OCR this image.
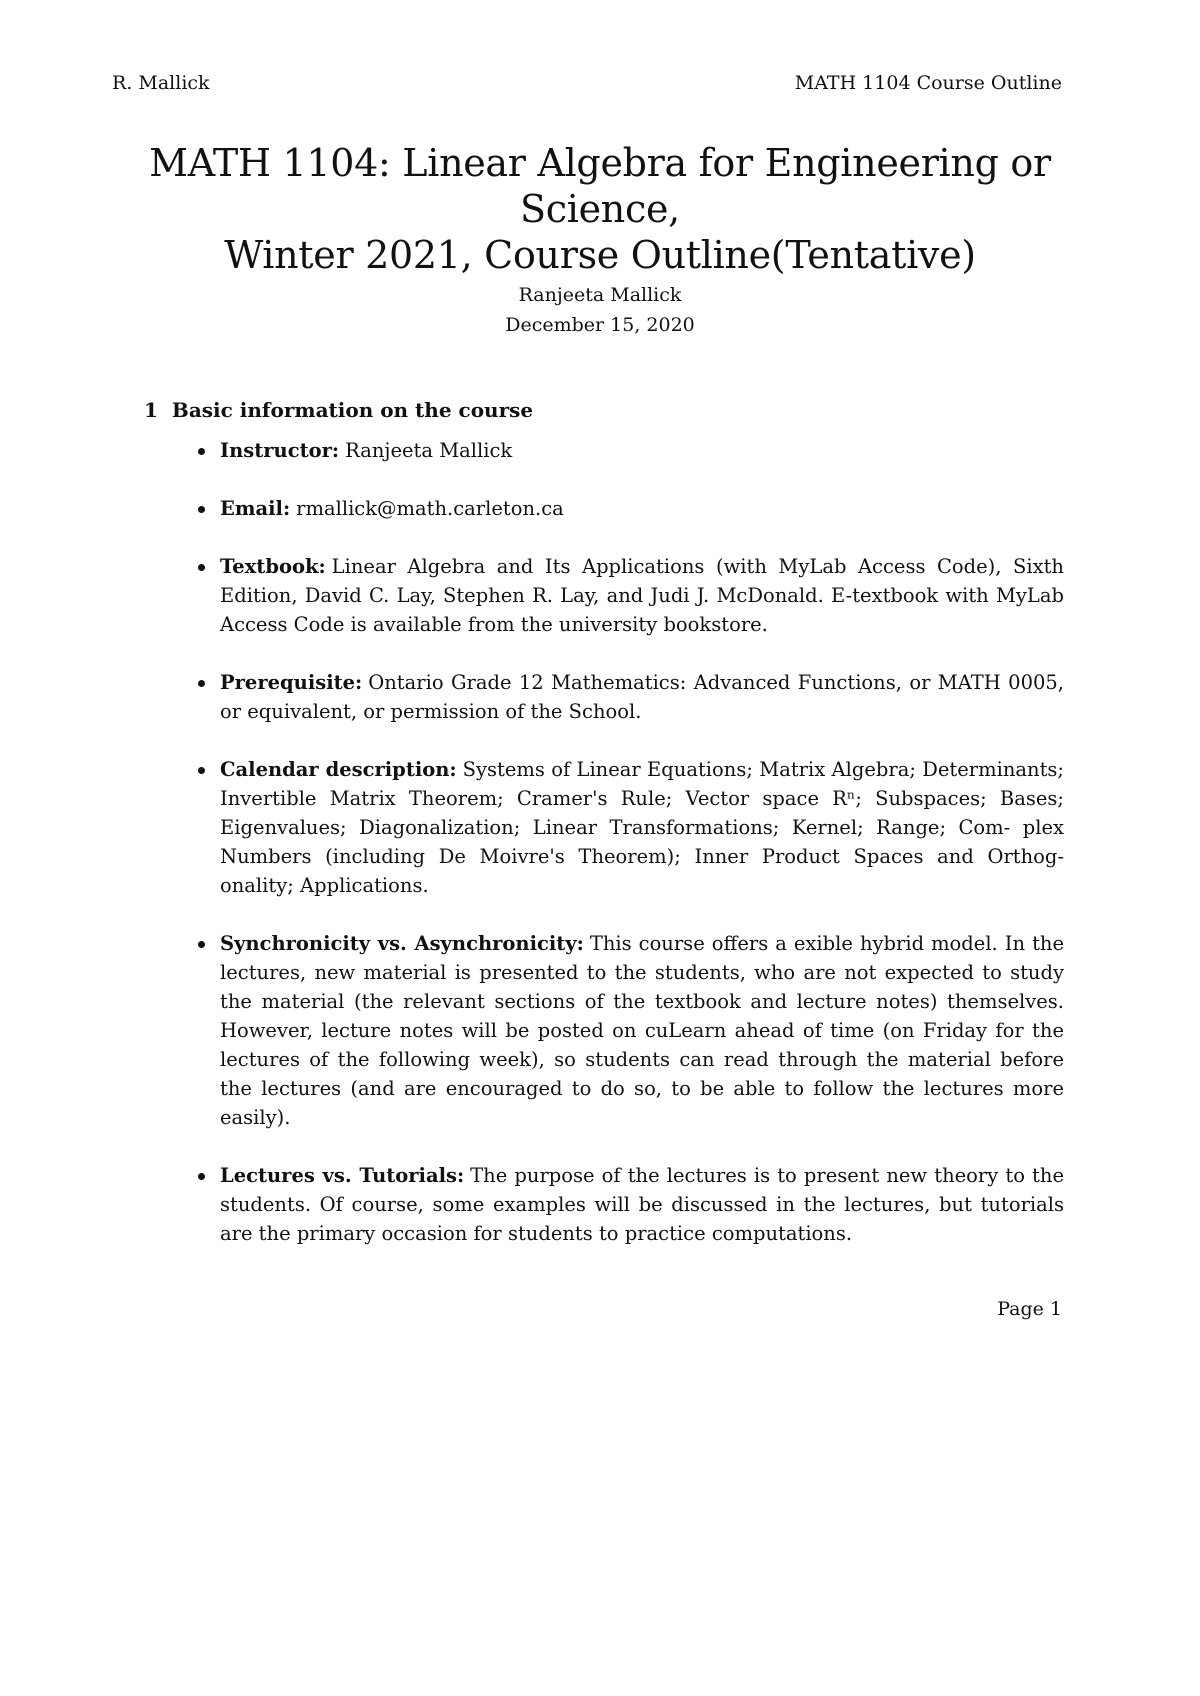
R. Mallick	MATH 1104 Course Outline
MATH 1104: Linear Algebra for Engineering or Science,
Winter 2021, Course Outline(Tentative)
Ranjeeta Mallick
December 15, 2020
1 Basic information on the course
Instructor: Ranjeeta Mallick
Email: rmallick@math.carleton.ca
Textbook: Linear Algebra and Its Applications (with MyLab Access Code), Sixth Edition, David C. Lay, Stephen R. Lay, and Judi J. McDonald. E-textbook with MyLab Access Code is available from the university bookstore.
Prerequisite: Ontario Grade 12 Mathematics: Advanced Functions, or MATH 0005, or equivalent, or permission of the School.
Calendar description: Systems of Linear Equations; Matrix Algebra; Determinants; Invertible Matrix Theorem; Cramer's Rule; Vector space Rⁿ; Subspaces; Bases; Eigenvalues; Diagonalization; Linear Transformations; Kernel; Range; Com- plex Numbers (including De Moivre's Theorem); Inner Product Spaces and Orthog- onality; Applications.
Synchronicity vs. Asynchronicity: This course offers a exible hybrid model. In the lectures, new material is presented to the students, who are not expected to study the material (the relevant sections of the textbook and lecture notes) themselves. However, lecture notes will be posted on cuLearn ahead of time (on Friday for the lectures of the following week), so students can read through the material before the lectures (and are encouraged to do so, to be able to follow the lectures more easily).
Lectures vs. Tutorials: The purpose of the lectures is to present new theory to the students. Of course, some examples will be discussed in the lectures, but tutorials are the primary occasion for students to practice computations.
Page 1
